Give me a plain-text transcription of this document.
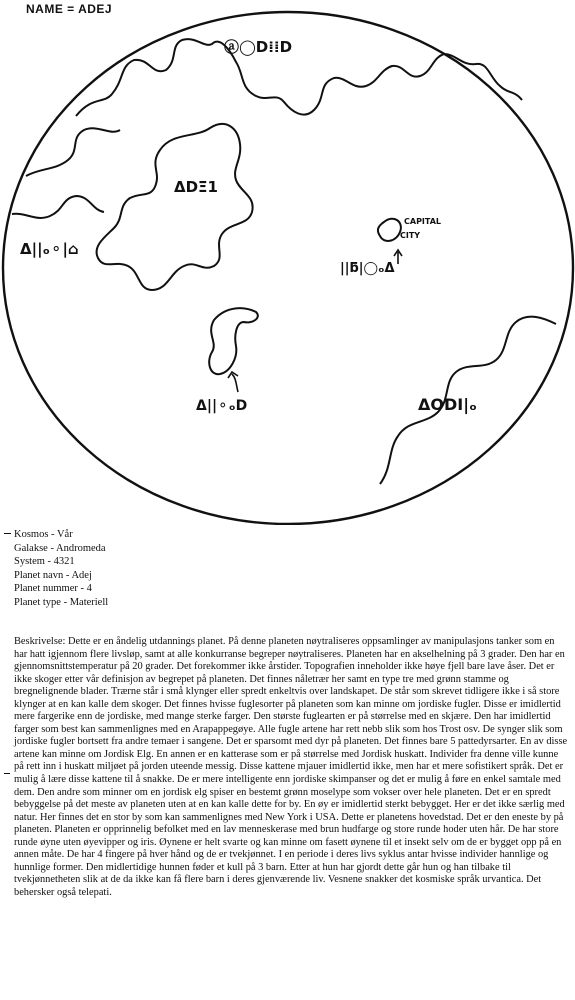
NAME = ADEJ
ⓐ◯D⁞⁞D
ΔDΞ1
Δ||ₒ⚬|⌂
CAPITAL
CITY
||ƃ|◯ₒΔ
Δ||⚬ₒD	ΔODI|ₒ
Kosmos - Vår
Galakse - Andromeda
System - 4321
Planet navn - Adej
Planet nummer - 4
Planet type - Materiell

Beskrivelse: Dette er en åndelig utdannings planet. På denne planeten nøytraliseres oppsamlinger av manipulasjons tanker som en har hatt igjennom flere livsløp, samt at alle konkurranse begreper nøytraliseres. Planeten har en akselhelning på 3 grader. Den har en gjennomsnittstemperatur på 20 grader. Det forekommer ikke årstider. Topografien inneholder ikke høye fjell bare lave åser. Det er ikke skoger etter vår definisjon av begrepet på planeten. Det finnes nåletrær her samt en type tre med grønn stamme og bregnelignende blader. Trærne står i små klynger eller spredt enkeltvis over landskapet. De står som skrevet tidligere ikke i så store klynger at en kan kalle dem skoger. Det finnes hvisse fuglesorter på planeten som kan minne om jordiske fugler. Disse er imidlertid mere fargerike enn de jordiske, med mange sterke farger. Den største fuglearten er på størrelse med en skjære. Den har imidlertid farger som best kan sammenlignes med en Arapappegøye. Alle fugle artene har rett nebb slik som hos Trost osv. De synger slik som jordiske fugler bortsett fra andre temaer i sangene. Det er sparsomt med dyr på planeten. Det finnes bare 5 pattedyrsarter. En av disse artene kan minne om Jordisk Elg. En annen er en katterase som er på størrelse med Jordisk huskatt. Individer fra denne ville kunne på rett inn i huskatt miljøet på jorden uteende messig. Disse kattene mjauer imidlertid ikke, men har et mere sofistikert språk. Det er mulig å lære disse kattene til å snakke. De er mere intelligente enn jordiske skimpanser og det er mulig å føre en enkel samtale med dem. Den andre som minner om en jordisk elg spiser en bestemt grønn moselype som vokser over hele planeten. Det er en spredt bebyggelse på det meste av planeten uten at en kan kalle dette for by. En øy er imidlertid sterkt bebygget. Her er det ikke særlig med natur. Her finnes det en stor by som kan sammenlignes med New York i USA. Dette er planetens hovedstad. Det er den eneste by på planeten. Planeten er opprinnelig befolket med en lav menneskerase med brun hudfarge og store runde hoder uten hår. De har store runde øyne uten øyevipper og iris. Øynene er helt svarte og kan minne om fasett øynene til et insekt selv om de er bygget opp på en annen måte. De har 4 fingere på hver hånd og de er tvekjønnet. I en periode i deres livs syklus antar hvisse individer hannlige og hunnlige former. Den midlertidige hunnen føder et kull på 3 barn. Etter at hun har gjordt dette går hun og han tilbake til tvekjønnetheten slik at de da ikke kan få flere barn i deres gjenværende liv. Vesnene snakker det kosmiske språk urvantica. Det behersker også telepati.
